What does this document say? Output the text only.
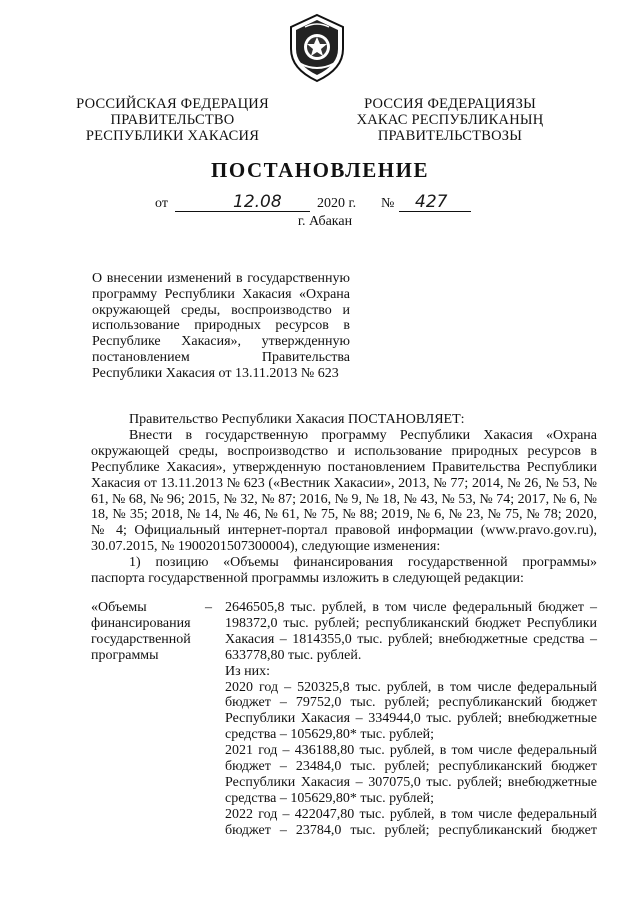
РОССИЙСКАЯ ФЕДЕРАЦИЯ
ПРАВИТЕЛЬСТВО
РЕСПУБЛИКИ ХАКАСИЯ
РОССИЯ ФЕДЕРАЦИЯЗЫ
ХАКАС РЕСПУБЛИКАНЫҢ
ПРАВИТЕЛЬСТВОЗЫ
ПОСТАНОВЛЕНИЕ
от	12.08	2020 г. № 427
г. Абакан
О внесении изменений в государственную
программу Республики Хакасия «Охрана
окружающей среды, воспроизводство и
использование природных ресурсов в
Республике Хакасия», утвержденную
постановлением Правительства
Республики Хакасия от 13.11.2013 № 623

Правительство Республики Хакасия ПОСТАНОВЛЯЕТ:

Внести в государственную программу Республики Хакасия «Охрана окружающей среды, воспроизводство и использование природных ресурсов в Республике Хакасия», утвержденную постановлением Правительства Республики Хакасия от 13.11.2013 № 623 («Вестник Хакасии», 2013, № 77; 2014, № 26, № 53, № 61, № 68, № 96; 2015, № 32, № 87; 2016, № 9, № 18, № 43, № 53, № 74; 2017, № 6, № 18, № 35; 2018, № 14, № 46, № 61, № 75, № 88; 2019, № 6, № 23, № 75, № 78; 2020, № 4; Официальный интернет-портал правовой информации (www.pravo.gov.ru), 30.07.2015, № 1900201507300004), следующие изменения:

1) позицию «Объемы финансирования государственной программы» паспорта государственной программы изложить в следующей редакции:

«Объемы
финансирования
государственной
программы
– 2646505,8 тыс. рублей, в том числе федеральный бюджет – 198372,0 тыс. рублей; республиканский бюджет Республики Хакасия – 1814355,0 тыс. рублей; внебюджетные средства – 633778,80 тыс. рублей.
Из них:
2020 год – 520325,8 тыс. рублей, в том числе федеральный бюджет – 79752,0 тыс. рублей; республиканский бюджет Республики Хакасия – 334944,0 тыс. рублей; внебюджетные средства – 105629,80* тыс. рублей;
2021 год – 436188,80 тыс. рублей, в том числе федеральный бюджет – 23484,0 тыс. рублей; республиканский бюджет Республики Хакасия – 307075,0 тыс. рублей; внебюджетные средства – 105629,80* тыс. рублей;
2022 год – 422047,80 тыс. рублей, в том числе федеральный бюджет – 23784,0 тыс. рублей; республиканский бюджет
